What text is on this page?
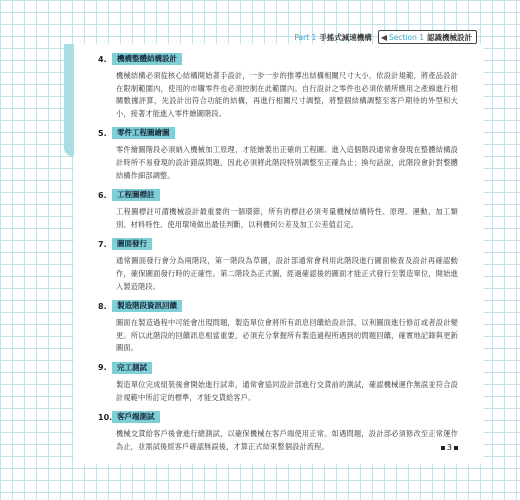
Part 1 手搖式減速機構 ◀ Section 1 認識機械設計
4.	機構整體結構設計
機械結構必須從核心結構開始著手設計，一步一步的推導出結構相關尺寸大小，依設計規範，將產品設計在限制範圍內，使用的市購零件也必須控制在此範圍內。自行設計之零件也必須依循所應用之產線進行相關數據評算，先設計出符合功能的結構，再進行相關尺寸調整，將整個結構調整至客戶期待的外型和大小，接著才能進入零件繪圖階段。
5.	零件工程圖繪圖
零件繪圖階段必須納入機械加工原理，才能繪製出正確的工程圖。進入這個階段通常會發現在整體結構設計時所不易發現的設計錯誤問題，因此必須將此階段特別調整至正確為止；換句話說，此階段會針對整體結構作細部調整。
6.	工程圖標註
工程圖標註可謂機械設計最重要的一個環節，所有的標註必須考量機械結構特性、原理、運動、加工類別、材料特性、使用環境做出最佳判斷，以利機何公差及加工公差值訂定。
7.	圖面發行
通常圖面發行會分為兩階段，第一階段為草圖，設計部通常會利用此階段進行圖面檢查及設計再確認動作，確保圖面發行時的正確性。第二階段為正式圖，經過確認後的圖面才能正式發行至製造單位，開始進入製造階段。
8.	製造階段資訊回饋
圖面在製造過程中可能會出現問題，製造單位會將所有訊息回饋給設計部，以利圖面進行修訂或者設計變更。所以此階段的回饋訊息相當重要，必須充分掌握所有製造過程所遇到的問題回饋，確實地記錄與更新圖面。
9.	完工測試
製造單位完成組裝後會開始進行試車，通常會協同設計部進行交貨前的測試，確認機械運作無誤並符合設計規範中所訂定的標準，才能交貨給客戶。
10. 客戶端測試
機械交貨給客戶後會進行總測試，以確保機械在客戶端使用正常。如遇問題，設計部必須修改至正常運作為止，並需試後經客戶確認無誤後，才算正式結束整個設計流程。	3
